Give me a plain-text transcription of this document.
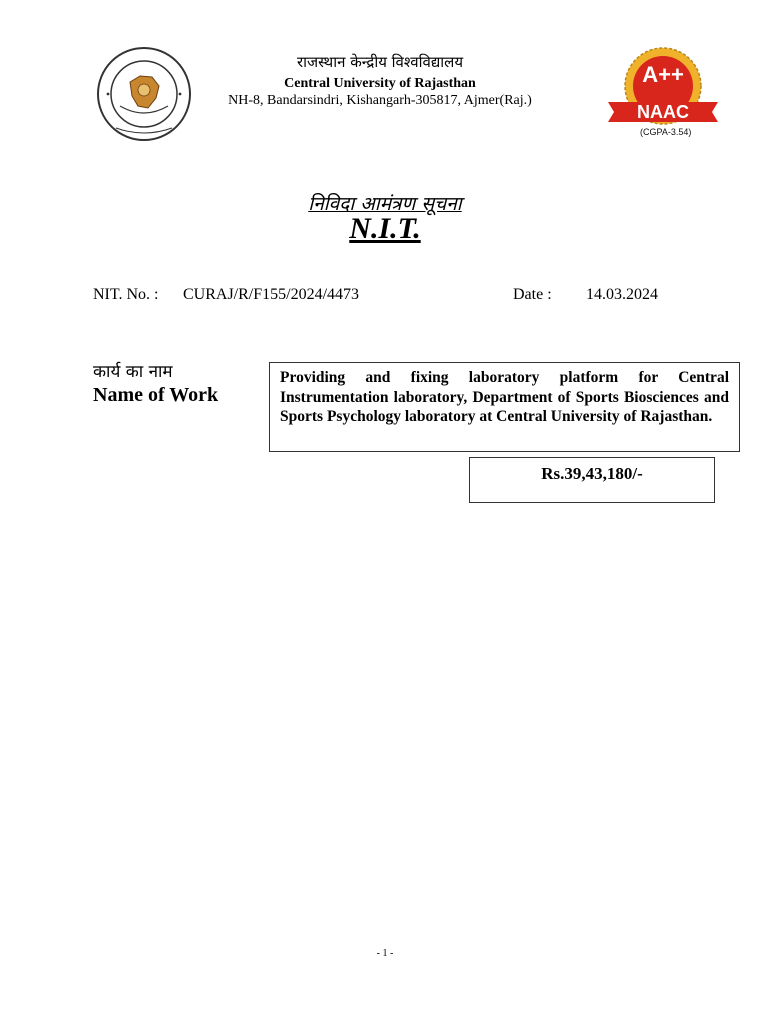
A++
NAAC
(CGPA-3.54)
राजस्थान केन्द्रीय विश्वविद्यालय
Central University of Rajasthan
NH-8, Bandarsindri, Kishangarh-305817, Ajmer(Raj.)
निविदा आमंत्रण सूचना
N.I.T.
NIT. No. : CURAJ/R/F155/2024/4473	Date : 14.03.2024
कार्य का नाम
Name of Work
Providing and fixing laboratory platform for Central Instrumentation laboratory, Department of Sports Biosciences and Sports Psychology laboratory at Central University of Rajasthan.
Rs.39,43,180/-
- 1 -
